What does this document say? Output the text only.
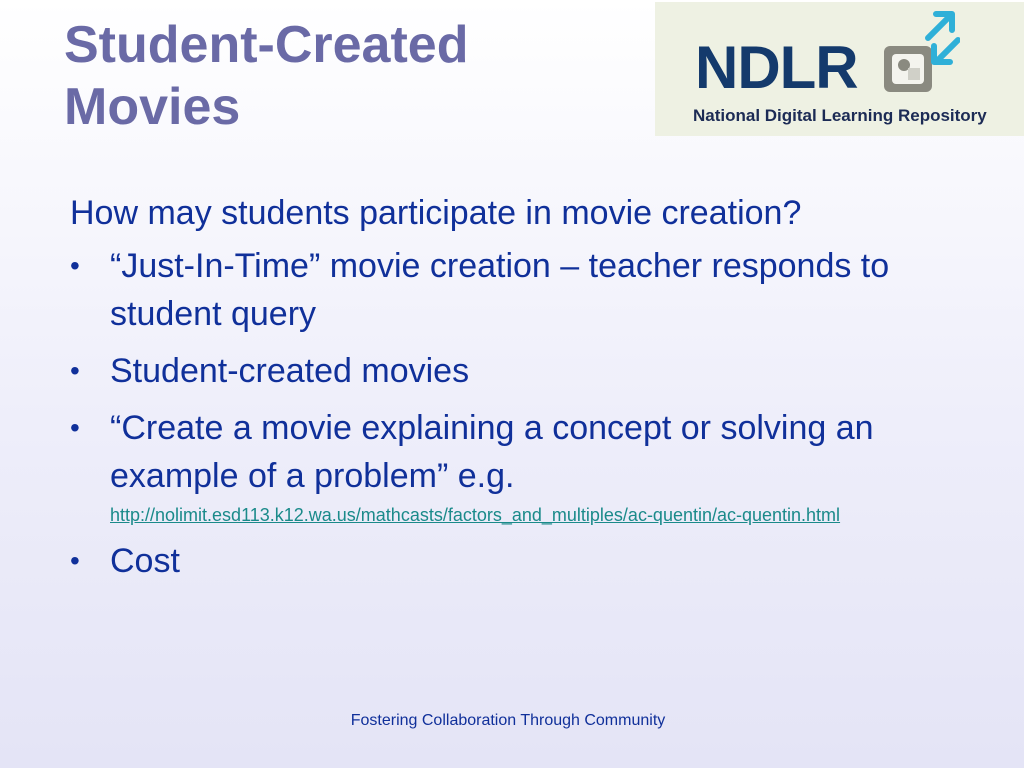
Student-Created
Movies
NDLR
National Digital Learning Repository

How may students participate in movie creation?

• “Just-In-Time” movie creation – teacher responds to student query
• Student-created movies
• “Create a movie explaining a concept or solving an example of a problem” e.g.
http://nolimit.esd113.k12.wa.us/mathcasts/factors_and_multiples/ac-quentin/ac-quentin.html
• Cost
Fostering Collaboration Through Community
